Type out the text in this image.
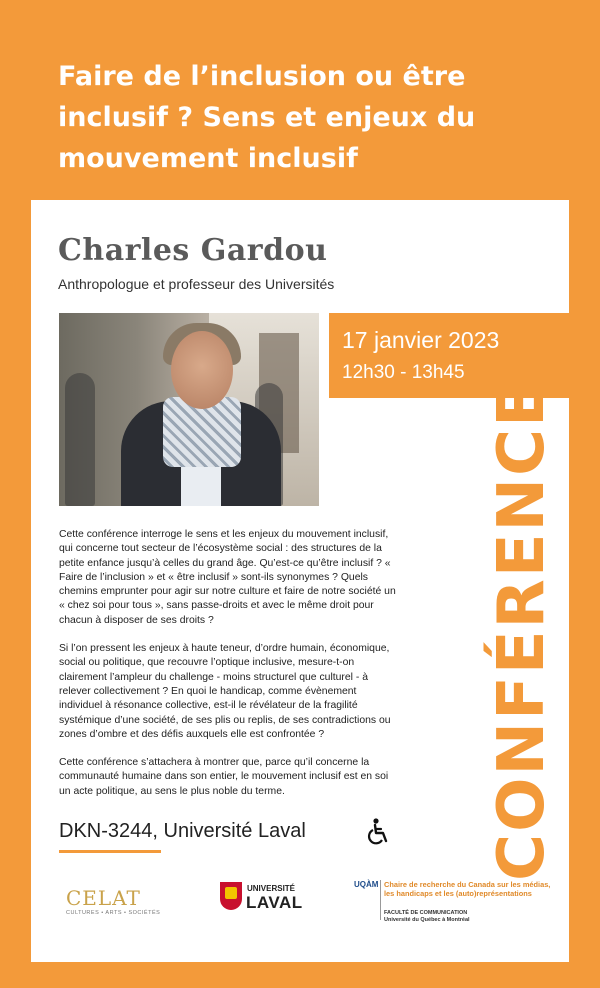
Faire de l’inclusion ou être inclusif ? Sens et enjeux du mouvement inclusif
Charles Gardou
Anthropologue et professeur des Universités
17 janvier 2023
12h30 - 13h45
CONFÉRENCE

Cette conférence interroge le sens et les enjeux du mouvement inclusif, qui concerne tout secteur de l’écosystème social : des structures de la petite enfance jusqu’à celles du grand âge. Qu’est-ce qu’être inclusif ? « Faire de l’inclusion » et « être inclusif » sont-ils synonymes ? Quels chemins emprunter pour agir sur notre culture et faire de notre société un « chez soi pour tous », sans passe-droits et avec le même droit pour chacun à disposer de ses droits ?

Si l’on pressent les enjeux à haute teneur, d’ordre humain, économique, social ou politique, que recouvre l’optique inclusive, mesure-t-on clairement l’ampleur du challenge - moins structurel que culturel - à relever collectivement ? En quoi le handicap, comme évènement individuel à résonance collective, est-il le révélateur de la fragilité systémique d’une société, de ses plis ou replis, de ses contradictions ou zones d’ombre et des défis auxquels elle est confrontée ?

Cette conférence s’attachera à montrer que, parce qu’il concerne la communauté humaine dans son entier, le mouvement inclusif est en soi un acte politique, au sens le plus noble du terme.

DKN-3244, Université Laval
CELAT
CULTURES • ARTS • SOCIÉTÉS
UNIVERSITÉ
LAVAL
UQÀM Chaire de recherche du Canada sur les médias, les handicaps et les (auto)représentations
FACULTÉ DE COMMUNICATION
Université du Québec à Montréal
